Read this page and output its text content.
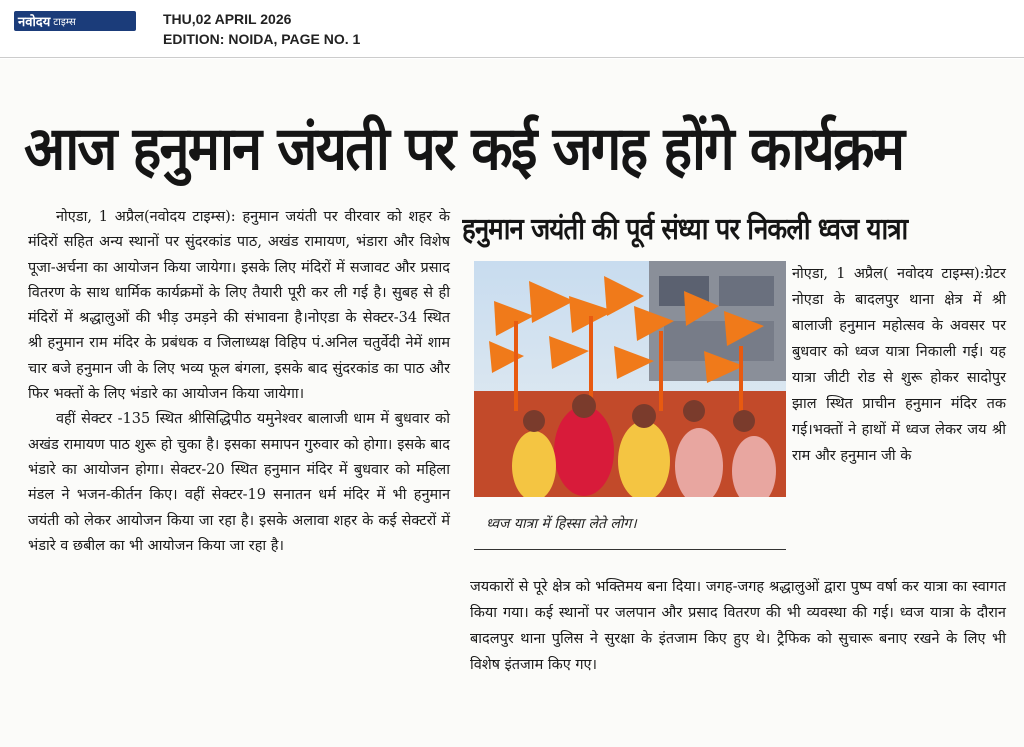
नवोदय टाइम्स	THU,02 APRIL 2026
EDITION: NOIDA, PAGE NO. 1
आज हनुमान जंयती पर कई जगह होंगे कार्यक्रम

नोएडा, 1 अप्रैल(नवोदय टाइम्स): हनुमान जयंती पर वीरवार को शहर के मंदिरों सहित अन्य स्थानों पर सुंदरकांड पाठ, अखंड रामायण, भंडारा और विशेष पूजा-अर्चना का आयोजन किया जायेगा। इसके लिए मंदिरों में सजावट और प्रसाद वितरण के साथ धार्मिक कार्यक्रमों के लिए तैयारी पूरी कर ली गई है। सुबह से ही मंदिरों में श्रद्धालुओं की भीड़ उमड़ने की संभावना है।नोएडा के सेक्टर-34 स्थित श्री हनुमान राम मंदिर के प्रबंधक व जिलाध्यक्ष विहिप पं.अनिल चतुर्वेदी नेमें शाम चार बजे हनुमान जी के लिए भव्य फूल बंगला, इसके बाद सुंदरकांड का पाठ और फिर भक्तों के लिए भंडारे का आयोजन किया जायेगा।

वहीं सेक्टर -135 स्थित श्रीसिद्धिपीठ यमुनेश्वर बालाजी धाम में बुधवार को अखंड रामायण पाठ शुरू हो चुका है। इसका समापन गुरुवार को होगा। इसके बाद भंडारे का आयोजन होगा। सेक्टर-20 स्थित हनुमान मंदिर में बुधवार को महिला मंडल ने भजन-कीर्तन किए। वहीं सेक्टर-19 सनातन धर्म मंदिर में भी हनुमान जयंती को लेकर आयोजन किया जा रहा है। इसके अलावा शहर के कई सेक्टरों में भंडारे व छबील का भी आयोजन किया जा रहा है।

हनुमान जयंती की पूर्व संध्या पर निकली ध्वज यात्रा
ध्वज यात्रा में हिस्सा लेते लोग।
नोएडा, 1 अप्रैल( नवोदय टाइम्स):ग्रेटर नोएडा के बादलपुर थाना क्षेत्र में श्री बालाजी हनुमान महोत्सव के अवसर पर बुधवार को ध्वज यात्रा निकाली गई। यह यात्रा जीटी रोड से शुरू होकर सादोपुर झाल स्थित प्राचीन हनुमान मंदिर तक गई।भक्तों ने हाथों में ध्वज लेकर जय श्री राम और हनुमान जी के
जयकारों से पूरे क्षेत्र को भक्तिमय बना दिया। जगह-जगह श्रद्धालुओं द्वारा पुष्प वर्षा कर यात्रा का स्वागत किया गया। कई स्थानों पर जलपान और प्रसाद वितरण की भी व्यवस्था की गई। ध्वज यात्रा के दौरान बादलपुर थाना पुलिस ने सुरक्षा के इंतजाम किए हुए थे। ट्रैफिक को सुचारू बनाए रखने के लिए भी विशेष इंतजाम किए गए।
